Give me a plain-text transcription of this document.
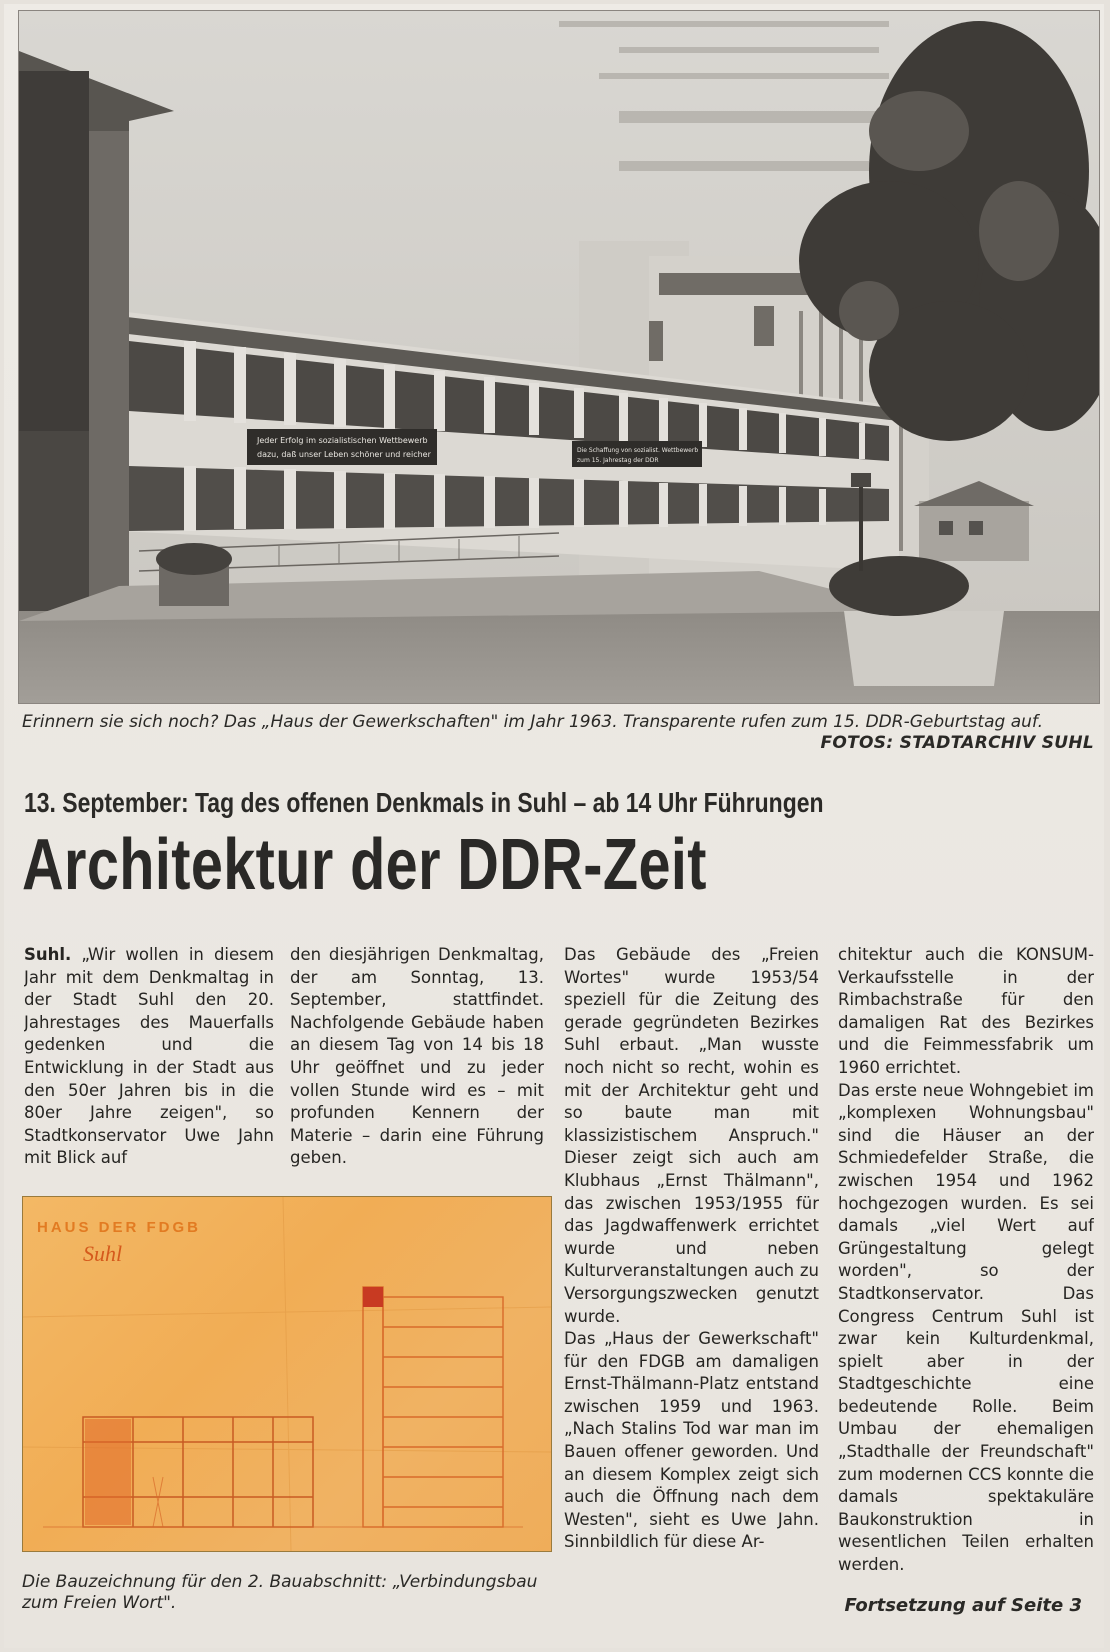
Jeder Erfolg im sozialistischen Wettbewerb
dazu, daß unser Leben schöner und reicher	Die Schaffung von sozialist. Wettbewerb
zum 15. Jahrestag der DDR
Erinnern sie sich noch? Das „Haus der Gewerkschaften" im Jahr 1963. Transparente rufen zum 15. DDR-Geburtstag auf.
FOTOS: STADTARCHIV SUHL
13. September: Tag des offenen Denkmals in Suhl – ab 14 Uhr Führungen
Architektur der DDR-Zeit

Suhl. „Wir wollen in diesem Jahr mit dem Denkmaltag in der Stadt Suhl den 20. Jahrestages des Mauerfalls gedenken und die Entwicklung in der Stadt aus den 50er Jahren bis in die 80er Jahre zeigen", so Stadtkonservator Uwe Jahn mit Blick auf

den diesjährigen Denkmaltag, der am Sonntag, 13. September, stattfindet. Nachfolgende Gebäude haben an diesem Tag von 14 bis 18 Uhr geöffnet und zu jeder vollen Stunde wird es – mit profunden Kennern der Materie – darin eine Führung geben.

Das Gebäude des „Freien Wortes" wurde 1953/54 speziell für die Zeitung des gerade gegründeten Bezirkes Suhl erbaut. „Man wusste noch nicht so recht, wohin es mit der Architektur geht und so baute man mit klassizistischem Anspruch." Dieser zeigt sich auch am Klubhaus „Ernst Thälmann", das zwischen 1953/1955 für das Jagdwaffenwerk errichtet wurde und neben Kulturveranstaltungen auch zu Versorgungszwecken genutzt wurde.

Das „Haus der Gewerkschaft" für den FDGB am damaligen Ernst-Thälmann-Platz entstand zwischen 1959 und 1963. „Nach Stalins Tod war man im Bauen offener geworden. Und an diesem Komplex zeigt sich auch die Öffnung nach dem Westen", sieht es Uwe Jahn. Sinnbildlich für diese Ar-

chitektur auch die KONSUM-Verkaufsstelle in der Rimbachstraße für den damaligen Rat des Bezirkes und die Feimmessfabrik um 1960 errichtet.

Das erste neue Wohngebiet im „komplexen Wohnungsbau" sind die Häuser an der Schmiedefelder Straße, die zwischen 1954 und 1962 hochgezogen wurden. Es sei damals „viel Wert auf Grüngestaltung gelegt worden", so der Stadtkonservator. Das Congress Centrum Suhl ist zwar kein Kulturdenkmal, spielt aber in der Stadtgeschichte eine bedeutende Rolle. Beim Umbau der ehemaligen „Stadthalle der Freundschaft" zum modernen CCS konnte die damals spektakuläre Baukonstruktion in wesentlichen Teilen erhalten werden.

HAUS DER FDGB
Suhl
Die Bauzeichnung für den 2. Bauabschnitt: „Verbindungsbau zum Freien Wort".	Fortsetzung auf Seite 3
